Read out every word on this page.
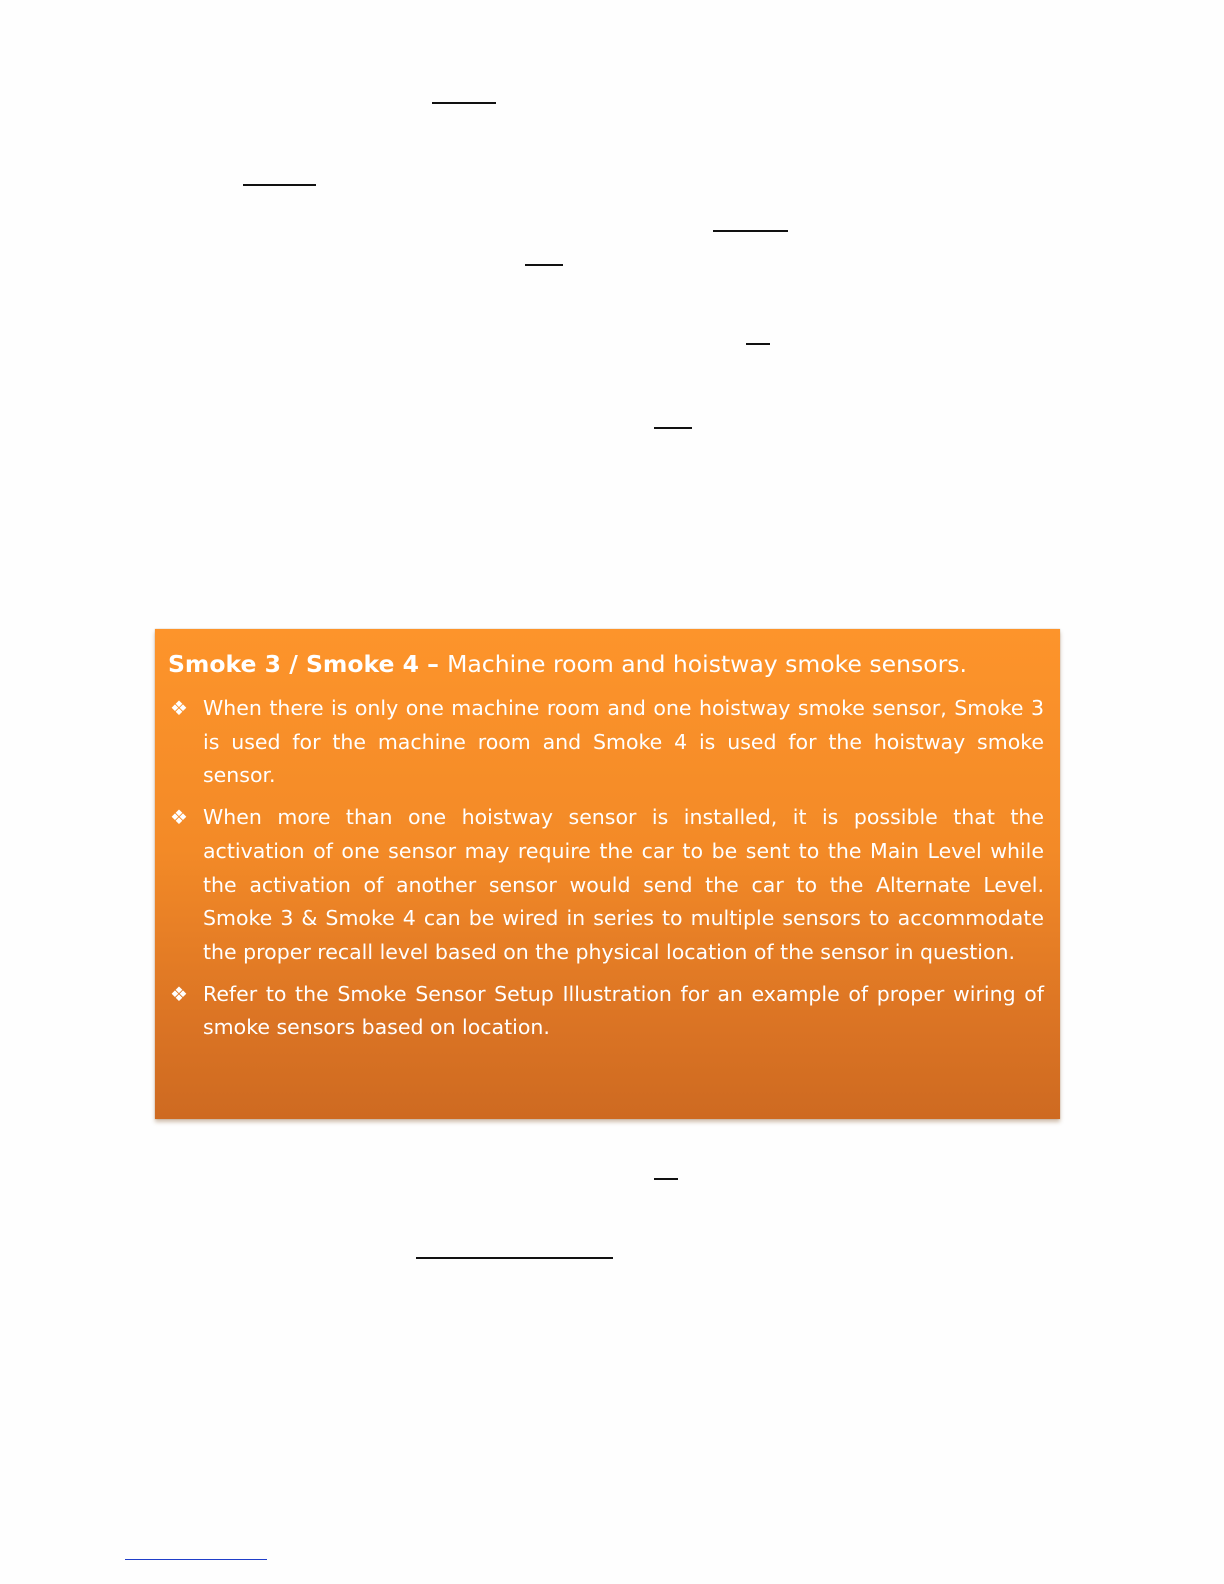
Smoke 3 / Smoke 4 – Machine room and hoistway smoke sensors.
❖ When there is only one machine room and one hoistway smoke sensor, Smoke 3 is used for the machine room and Smoke 4 is used for the hoistway smoke sensor.
❖ When more than one hoistway sensor is installed, it is possible that the activation of one sensor may require the car to be sent to the Main Level while the activation of another sensor would send the car to the Alternate Level. Smoke 3 & Smoke 4 can be wired in series to multiple sensors to accommodate the proper recall level based on the physical location of the sensor in question.
❖ Refer to the Smoke Sensor Setup Illustration for an example of proper wiring of smoke sensors based on location.
